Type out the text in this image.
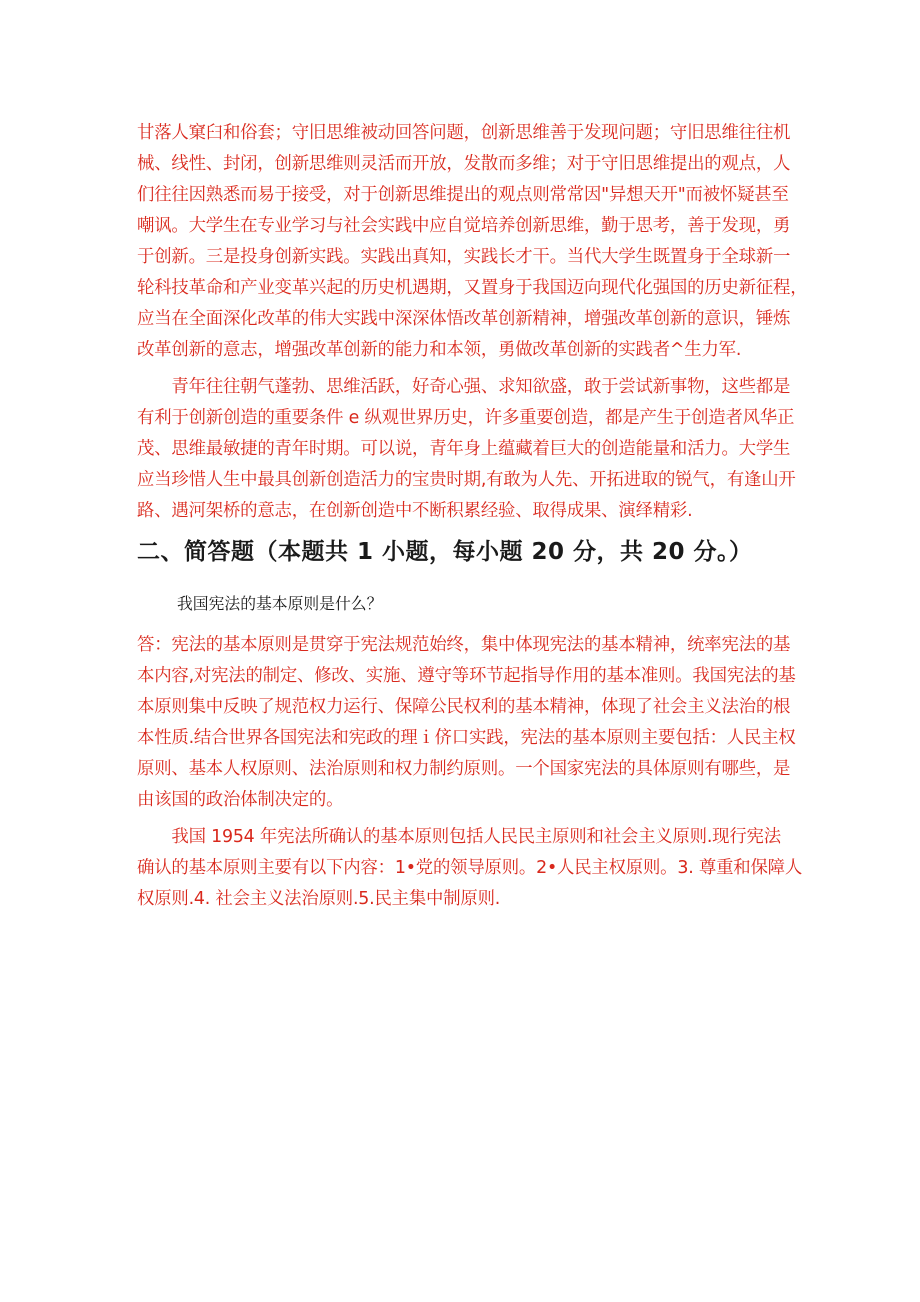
甘落人窠臼和俗套；守旧思维被动回答问题，创新思维善于发现问题；守旧思维往往机

械、线性、封闭，创新思维则灵活而开放，发散而多维；对于守旧思维提出的观点，人

们往往因熟悉而易于接受，对于创新思维提出的观点则常常因"异想天开"而被怀疑甚至

嘲讽。大学生在专业学习与社会实践中应自觉培养创新思维，勤于思考，善于发现，勇

于创新。三是投身创新实践。实践出真知，实践长才干。当代大学生既置身于全球新一

轮科技革命和产业变革兴起的历史机遇期，又置身于我国迈向现代化强国的历史新征程，

应当在全面深化改革的伟大实践中深深体悟改革创新精神，增强改革创新的意识，锤炼

改革创新的意志，增强改革创新的能力和本领，勇做改革创新的实践者^生力军.

　　青年往往朝气蓬勃、思维活跃，好奇心强、求知欲盛，敢于尝试新事物，这些都是

有利于创新创造的重要条件 e 纵观世界历史，许多重要创造，都是产生于创造者风华正

茂、思维最敏捷的青年时期。可以说，青年身上蕴藏着巨大的创造能量和活力。大学生

应当珍惜人生中最具创新创造活力的宝贵时期,有敢为人先、开拓进取的锐气，有逢山开

路、遇河架桥的意志，在创新创造中不断积累经验、取得成果、演绎精彩.

二、简答题（本题共 1 小题，每小题 20 分，共 20 分。）

我国宪法的基本原则是什么？

答：宪法的基本原则是贯穿于宪法规范始终，集中体现宪法的基本精神，统率宪法的基

本内容,对宪法的制定、修改、实施、遵守等环节起指导作用的基本准则。我国宪法的基

本原则集中反映了规范权力运行、保障公民权利的基本精神，体现了社会主义法治的根

本性质.结合世界各国宪法和宪政的理ｉ侪口实践，宪法的基本原则主要包括：人民主权

原则、基本人权原则、法治原则和权力制约原则。一个国家宪法的具体原则有哪些，是

由该国的政治体制决定的。

　　我国 1954 年宪法所确认的基本原则包括人民民主原则和社会主义原则.现行宪法

确认的基本原则主要有以下内容：1•党的领导原则。2•人民主权原则。3. 尊重和保障人

权原则.4. 社会主义法治原则.5.民主集中制原则.
